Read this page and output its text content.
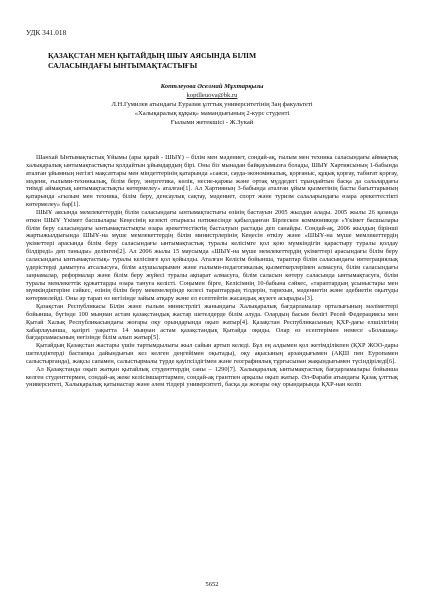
УДК 341.018
ҚАЗАҚСТАН МЕН ҚЫТАЙДЫҢ ШЫҰ АЯСЫНДА БІЛІМ
САЛАСЫНДАҒЫ ЫНТЫМАҚТАСТЫҒЫ
Коптлеуова Әселмай Мұхтарқызы
koptlleuova@bk.ru
Л.Н.Гумилев атындағы Еуразия ұлттық университетінің Заң факультеті
«Халықаралық құқық» мамандығының 2-курс студенті
Ғылыми жетекшісі - Ж.Зукай

Шанхай Ынтымақтастық Ұйымы (ары қарай - ШЫҰ) – білім мен мәдениет, сондай-ақ, ғылым мен техника саласындағы аймақтық халықаралық ынтымақтастықты қолдайтын ұйымдардың бірі. Оны біз мынадан байқауымызға болады, ШЫҰ Хартиясының 1-бабында аталған ұйымның негізгі мақсаттары мен міндеттерінің қатарында «саяси, сауда-экономикалық, қорғаныс, құқық қорғау, табиғат қорғау, мәдени, ғылыми-техникалық, білім беру, энергетика, көлік, несие-қаржы және ортақ мүддедегі тұындайтын басқа да салалардағы тиімді аймақтық ынтымақтастықты көтермелеу» аталған[1]. Ал Хартияның 3-бабында аталған ұйым қызметінің басты бағыттарының қатарында «ғылым мен техника, білім беру, денсаулық сақтау, мәдениет, спорт және туризм салаларындағы өзара әрекеттестікті көтермелеу» бар[1].

ШЫҰ аясында мемлекеттердің білім саласындағы ынтымақтастығы өзінің бастауын 2005 жылдан алады. 2005 жылы 26 қазанда өткен ШЫҰ Үкімет басшылары Кеңесінің кезекті отырысы нәтижесінде қабылданған Бірлескен коммюникеде «Үкімет басшылары білім беру саласындағы ынтымақтастықты өзара әрекеттестіктің басталуын растады деп санайды. Сондай-ақ, 2006 жылдың бірінші жартыжылдығында ШЫҰ-на мүше мемлекеттердің білім министрлерінің Кеңесін өткізу және «ШЫҰ-на мүше мемлекеттердің үкіметтері арасында білім беру саласындағы ынтымақтастық туралы келісімге қол қою мүмкіндігін қарастыру туралы қолдау білдіреді» деп таныды» делінген[2]. Ал 2006 жылы 15 маусымда «ШЫҰ-на мүше мемлекеттердің үкіметтері арасындағы білім беру саласындағы ынтымақтастық» туралы келісімге қол қойылды. Аталған Келісім бойынша, тараптар білім саласындағы интеграциялық үдерістерді дамытуға атсалысуға, білім алушыларымен және ғылыми-педагогикалық қызметкерлерімен алмасуға, білім саласындағы заңнамалар, реформалар және білім беру жүйесі туралы ақпарат алмасуға, білім саласын көтеру саласында ынтымақтасуға, білім туралы мемлекеттік құжаттарды өзара тануға келісті. Соңымен бірге, Келісімнің 10-бабына сәйкес, «тараптардың ұсыныстары мен мүмкіндіктеріне сәйкес, өзінің білім беру мекемелерінде келесі тараптардың тілдерін, тарихын, мәдениетін және әдебиетін оқытуды көтермелейді. Оны әр тарап өз негізінде зайым атқару және ел есептейтін жасандық жүзеге асырады»[3].

Қазақстан Республикасы Білім және ғылым министрлігі жанындағы Халықаралық бағдарламалар орталығының мәліметтері бойынша, бүгінде 100 мыңнан астам қазақстандық жастар шетелдерде білім алуда. Олардың басым бөлігі Ресей Федерациясы мен Қытай Халық Республикасындағы жоғары оқу орындарында оқып жатыр[4]. Қазақстан Республикасының ҚХР-дағы елшілігінің хабарлауынша, қазіргі уақытта 14 мыңнан астам қазақстандық Қытайда оқиды. Олар өз есептерімен немесе «Болашақ» бағдарламасының негізінде білім алып жатыр[5].

Қытайдың Қазақстан жастары үшін тартымдылығы жыл сайын артып келеді. Бұл ең алдымен қол жетімділікпен (ҚХР ЖОО-дары шетелдіктерді бастапқы дайындығын кез келген деңгейімен оқытады), оқу ақысының арзандығымен (АҚШ пен Еуропамен салыстырғанда), жақсы сапамен, салыстырмалы түрде қауіпсіздігімен және географиялық тұрғысынан жақындығымен түсіндіріледі[6].

Ал Қазақстанда оқып жатқан қытайлық студенттердің саны – 1290[7]. Халықаралық ынтымақтастық бағдарламалары бойынша келген студенттермен, сондай-ақ жеке келісімшарттармен, сондай-ақ грантпен арқылы оқып жатыр. Әл-Фараби атындағы Қазақ ұлттық университеті, Халықаралық қатынастар және әлем тілдері университеті, басқа да жоғары оқу орындарында ҚХР-нан келіп

5652
